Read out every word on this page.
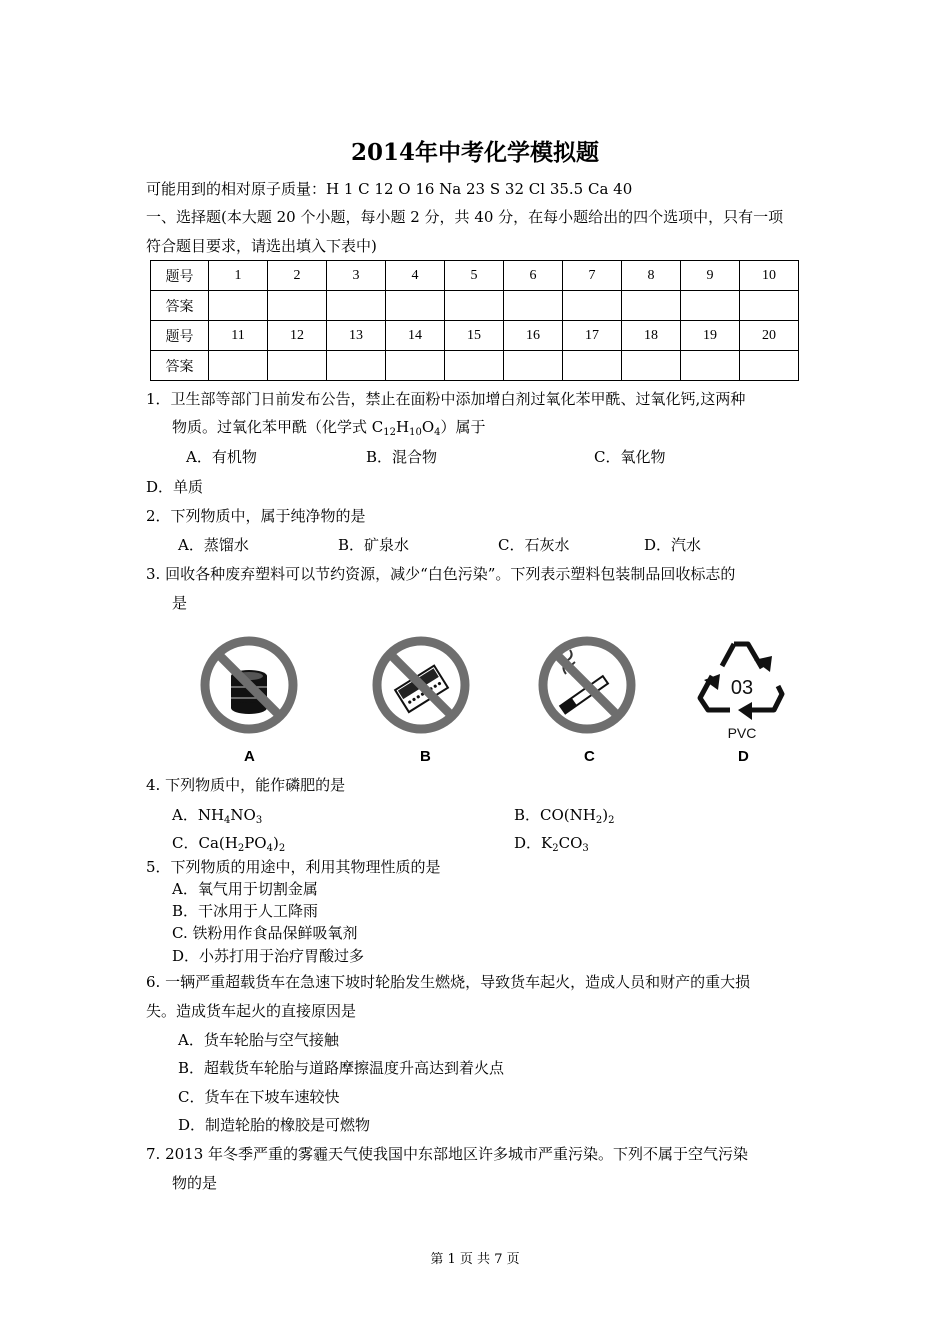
2014年中考化学模拟题
可能用到的相对原子质量：H 1 C 12 O 16 Na 23 S 32 Cl 35.5 Ca 40
一、选择题(本大题 20 个小题，每小题 2 分，共 40 分，在每小题给出的四个选项中，只有一项
符合题目要求，请选出填入下表中)
题号	1	2	3	4	5	6	7	8	9	10
答案										
题号	11	12	13	14	15	16	17	18	19	20
答案										
1．卫生部等部门日前发布公告，禁止在面粉中添加增白剂过氧化苯甲酰、过氧化钙,这两种
物质。过氧化苯甲酰（化学式 $C_{12}H_{10}O_4$）属于
A．有机物	B．混合物	C．氧化物
D．单质
2．下列物质中，属于纯净物的是
A．蒸馏水	B．矿泉水	C．石灰水	D．汽水
3. 回收各种废弃塑料可以节约资源，减少“白色污染”。下列表示塑料包装制品回收标志的
是
A	B	C
03
PVC
D
4. 下列物质中，能作磷肥的是
A．$NH_4NO_3$	B．$CO(NH_2)_2$
C．$Ca(H_2PO_4)_2$	D．$K_2CO_3$
5．下列物质的用途中，利用其物理性质的是
A．氧气用于切割金属
B．干冰用于人工降雨
C. 铁粉用作食品保鲜吸氧剂
D．小苏打用于治疗胃酸过多
6. 一辆严重超载货车在急速下坡时轮胎发生燃烧，导致货车起火，造成人员和财产的重大损
失。造成货车起火的直接原因是
A．货车轮胎与空气接触
B．超载货车轮胎与道路摩擦温度升高达到着火点
C．货车在下坡车速较快
D．制造轮胎的橡胶是可燃物
7. 2013 年冬季严重的雾霾天气使我国中东部地区许多城市严重污染。下列不属于空气污染
物的是
第 1 页 共 7 页
